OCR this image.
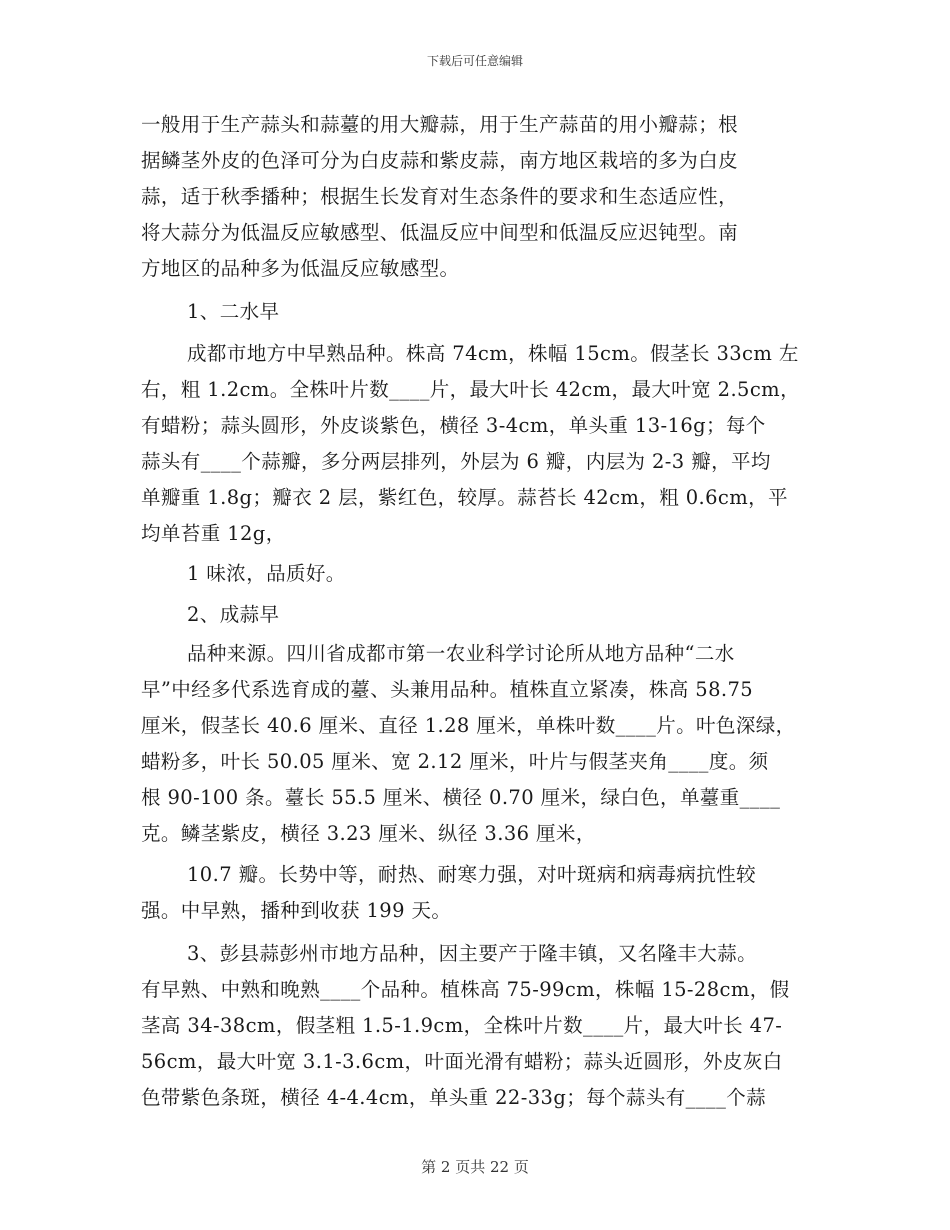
下载后可任意编辑
一般用于生产蒜头和蒜薹的用大瓣蒜，用于生产蒜苗的用小瓣蒜；根
据鳞茎外皮的色泽可分为白皮蒜和紫皮蒜，南方地区栽培的多为白皮
蒜，适于秋季播种；根据生长发育对生态条件的要求和生态适应性，
将大蒜分为低温反应敏感型、低温反应中间型和低温反应迟钝型。南
方地区的品种多为低温反应敏感型。
1、二水早
成都市地方中早熟品种。株高 74cm，株幅 15cm。假茎长 33cm 左
右，粗 1.2cm。全株叶片数____片，最大叶长 42cm，最大叶宽 2.5cm，
有蜡粉；蒜头圆形，外皮谈紫色，横径 3-4cm，单头重 13-16g；每个
蒜头有____个蒜瓣，多分两层排列，外层为 6 瓣，内层为 2-3 瓣，平均
单瓣重 1.8g；瓣衣 2 层，紫红色，较厚。蒜苔长 42cm，粗 0.6cm，平
均单苔重 12g，
1 味浓，品质好。
2、成蒜早
品种来源。四川省成都市第一农业科学讨论所从地方品种“二水
早”中经多代系选育成的薹、头兼用品种。植株直立紧凑，株高 58.75
厘米，假茎长 40.6 厘米、直径 1.28 厘米，单株叶数____片。叶色深绿，
蜡粉多，叶长 50.05 厘米、宽 2.12 厘米，叶片与假茎夹角____度。须
根 90-100 条。薹长 55.5 厘米、横径 0.70 厘米，绿白色，单薹重____
克。鳞茎紫皮，横径 3.23 厘米、纵径 3.36 厘米，
10.7 瓣。长势中等，耐热、耐寒力强，对叶斑病和病毒病抗性较
强。中早熟，播种到收获 199 天。
3、彭县蒜彭州市地方品种，因主要产于隆丰镇，又名隆丰大蒜。
有早熟、中熟和晚熟____个品种。植株高 75-99cm，株幅 15-28cm，假
茎高 34-38cm，假茎粗 1.5-1.9cm，全株叶片数____片，最大叶长 47-
56cm，最大叶宽 3.1-3.6cm，叶面光滑有蜡粉；蒜头近圆形，外皮灰白
色带紫色条斑，横径 4-4.4cm，单头重 22-33g；每个蒜头有____个蒜
第 2 页共 22 页
